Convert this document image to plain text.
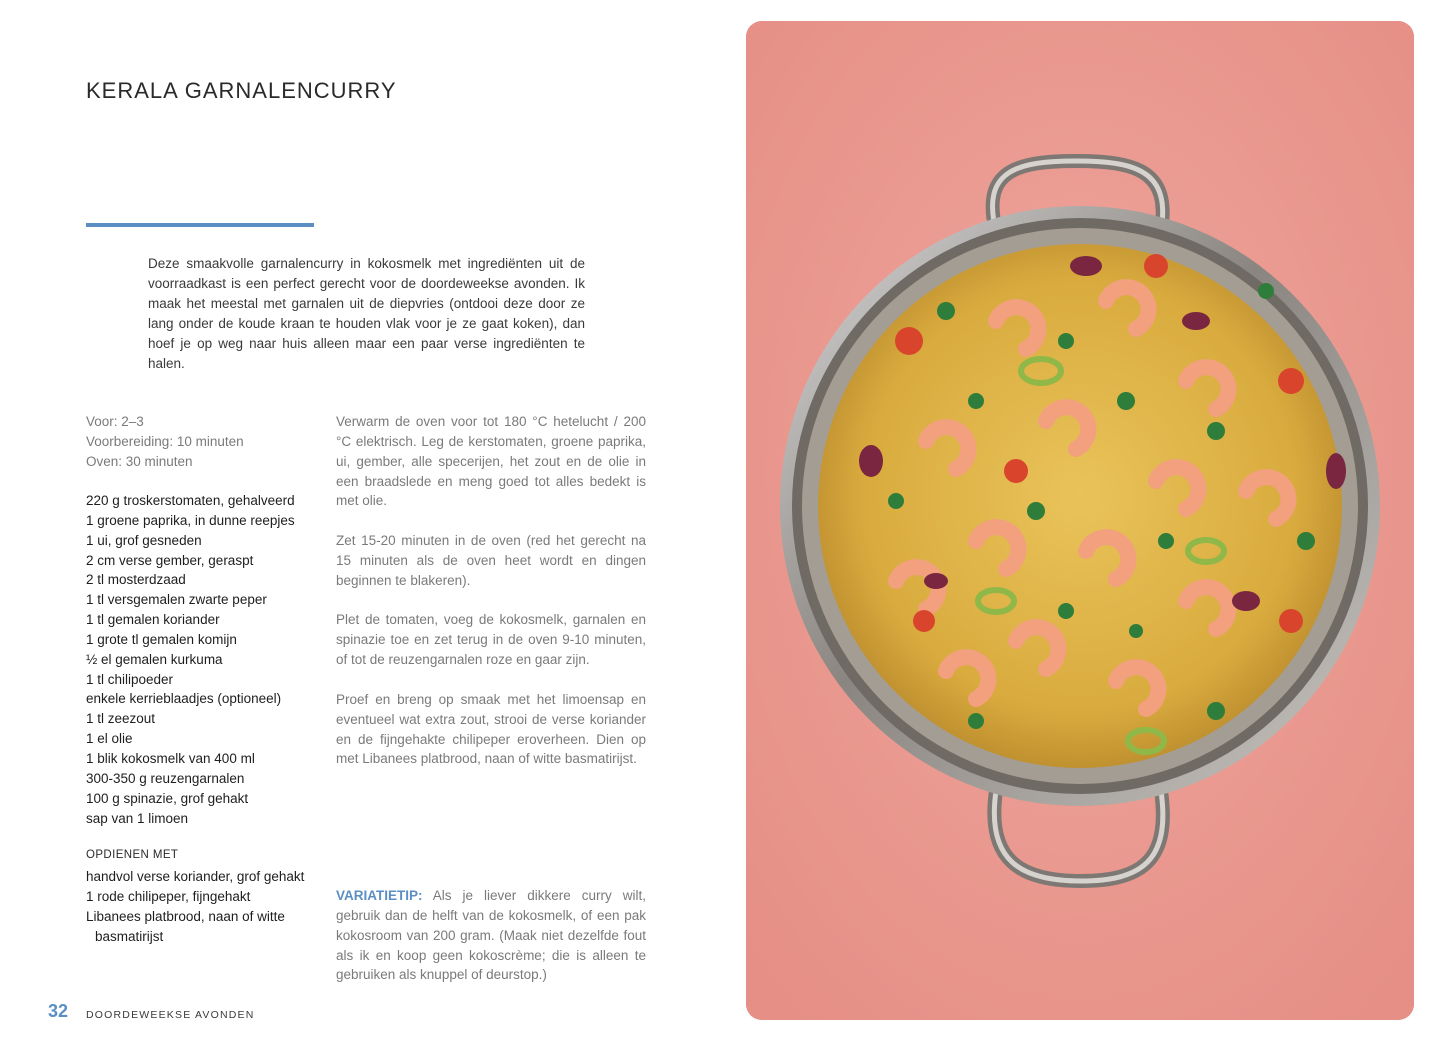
KERALA GARNALENCURRY

Deze smaakvolle garnalencurry in kokosmelk met ingrediënten uit de voorraadkast is een perfect gerecht voor de doordeweekse avonden. Ik maak het meestal met garnalen uit de diepvries (ontdooi deze door ze lang onder de koude kraan te houden vlak voor je ze gaat koken), dan hoef je op weg naar huis alleen maar een paar verse ingrediënten te halen.

Voor: 2–3
Voorbereiding: 10 minuten
Oven: 30 minuten
220 g troskerstomaten, gehalveerd
1 groene paprika, in dunne reepjes
1 ui, grof gesneden
2 cm verse gember, geraspt
2 tl mosterdzaad
1 tl versgemalen zwarte peper
1 tl gemalen koriander
1 grote tl gemalen komijn
½ el gemalen kurkuma
1 tl chilipoeder
enkele kerrieblaadjes (optioneel)
1 tl zeezout
1 el olie
1 blik kokosmelk van 400 ml
300-350 g reuzengarnalen
100 g spinazie, grof gehakt
sap van 1 limoen
OPDIENEN MET
handvol verse koriander, grof gehakt
1 rode chilipeper, fijngehakt
Libanees platbrood, naan of witte basmatirijst

Verwarm de oven voor tot 180 °C hetelucht / 200 °C elektrisch. Leg de kerstomaten, groene paprika, ui, gember, alle specerijen, het zout en de olie in een braadslede en meng goed tot alles bedekt is met olie.

Zet 15-20 minuten in de oven (red het gerecht na 15 minuten als de oven heet wordt en dingen beginnen te blakeren).

Plet de tomaten, voeg de kokosmelk, garnalen en spinazie toe en zet terug in de oven 9-10 minuten, of tot de reuzengarnalen roze en gaar zijn.

Proef en breng op smaak met het limoensap en eventueel wat extra zout, strooi de verse koriander en de fijngehakte chilipeper eroverheen. Dien op met Libanees platbrood, naan of witte basmatirijst.

VARIATIETIP: Als je liever dikkere curry wilt, gebruik dan de helft van de kokosmelk, of een pak kokosroom van 200 gram. (Maak niet dezelfde fout als ik en koop geen kokoscrème; die is alleen te gebruiken als knuppel of deurstop.)

32 DOORDEWEEKSE AVONDEN
